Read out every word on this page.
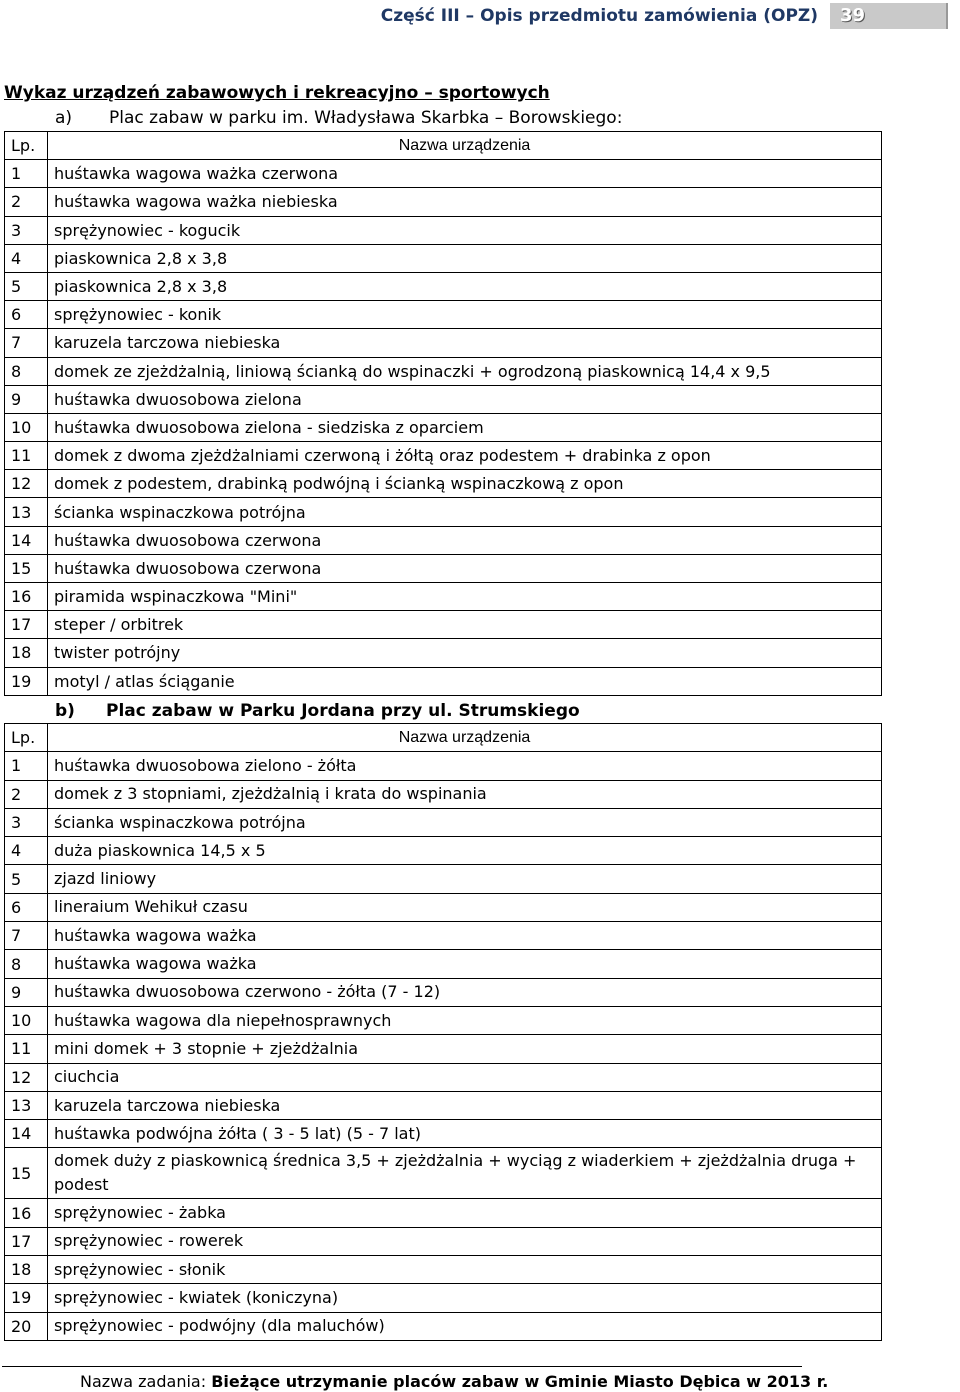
Część III – Opis przedmiotu zamówienia (OPZ) 39
Wykaz urządzeń zabawowych i rekreacyjno – sportowych
a) Plac zabaw w parku im. Władysława Skarbka – Borowskiego:
Lp.	Nazwa urządzenia
1	huśtawka wagowa ważka czerwona
2	huśtawka wagowa ważka niebieska
3	sprężynowiec - kogucik
4	piaskownica 2,8 x 3,8
5	piaskownica 2,8 x 3,8
6	sprężynowiec - konik
7	karuzela tarczowa niebieska
8	domek ze zjeżdżalnią, liniową ścianką do wspinaczki + ogrodzoną piaskownicą 14,4 x 9,5
9	huśtawka dwuosobowa zielona
10	huśtawka dwuosobowa zielona - siedziska z oparciem
11	domek z dwoma zjeżdżalniami czerwoną i żółtą oraz podestem + drabinka z opon
12	domek z podestem, drabinką podwójną i ścianką wspinaczkową z opon
13	ścianka wspinaczkowa potrójna
14	huśtawka dwuosobowa czerwona
15	huśtawka dwuosobowa czerwona
16	piramida wspinaczkowa "Mini"
17	steper / orbitrek
18	twister potrójny
19	motyl / atlas ściąganie
b) Plac zabaw w Parku Jordana przy ul. Strumskiego
Lp.	Nazwa urządzenia
1	huśtawka dwuosobowa zielono - żółta
2	domek z 3 stopniami, zjeżdżalnią i krata do wspinania
3	ścianka wspinaczkowa potrójna
4	duża piaskownica 14,5 x 5
5	zjazd liniowy
6	lineraium Wehikuł czasu
7	huśtawka wagowa ważka
8	huśtawka wagowa ważka
9	huśtawka dwuosobowa czerwono - żółta (7 - 12)
10	huśtawka wagowa dla niepełnosprawnych
11	mini domek + 3 stopnie + zjeżdżalnia
12	ciuchcia
13	karuzela tarczowa niebieska
14	huśtawka podwójna żółta ( 3 - 5 lat) (5 - 7 lat)
15	domek duży z piaskownicą średnica 3,5 + zjeżdżalnia + wyciąg z wiaderkiem + zjeżdżalnia druga + podest
16	sprężynowiec - żabka
17	sprężynowiec - rowerek
18	sprężynowiec - słonik
19	sprężynowiec - kwiatek (koniczyna)
20	sprężynowiec - podwójny (dla maluchów)
Nazwa zadania: Bieżące utrzymanie placów zabaw w Gminie Miasto Dębica w 2013 r.
